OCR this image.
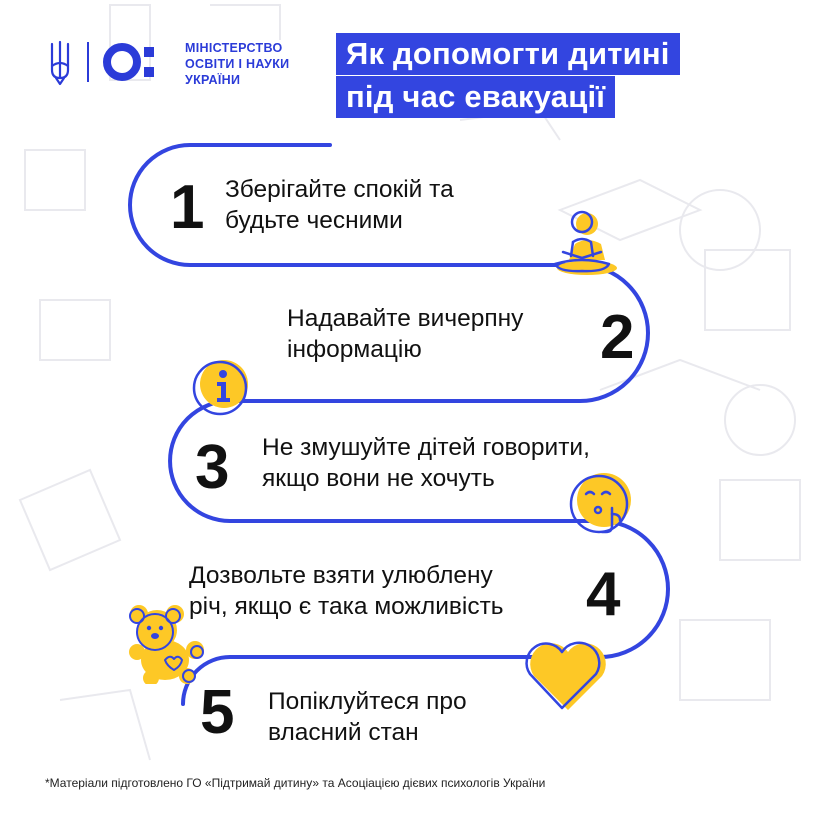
МІНІСТЕРСТВО
ОСВІТИ І НАУКИ
УКРАЇНИ
Як допомогти дитині
під час евакуації
1 Зберігайте спокій та
будьте чесними
Надавайте вичерпну
інформацію	2
3 Не змушуйте дітей говорити,
якщо вони не хочуть
Дозвольте взяти улюблену
річ, якщо є така можливість 4
5 Попіклуйтеся про
власний стан
*Матеріали підготовлено ГО «Підтримай дитину» та Асоціацією дієвих психологів України
